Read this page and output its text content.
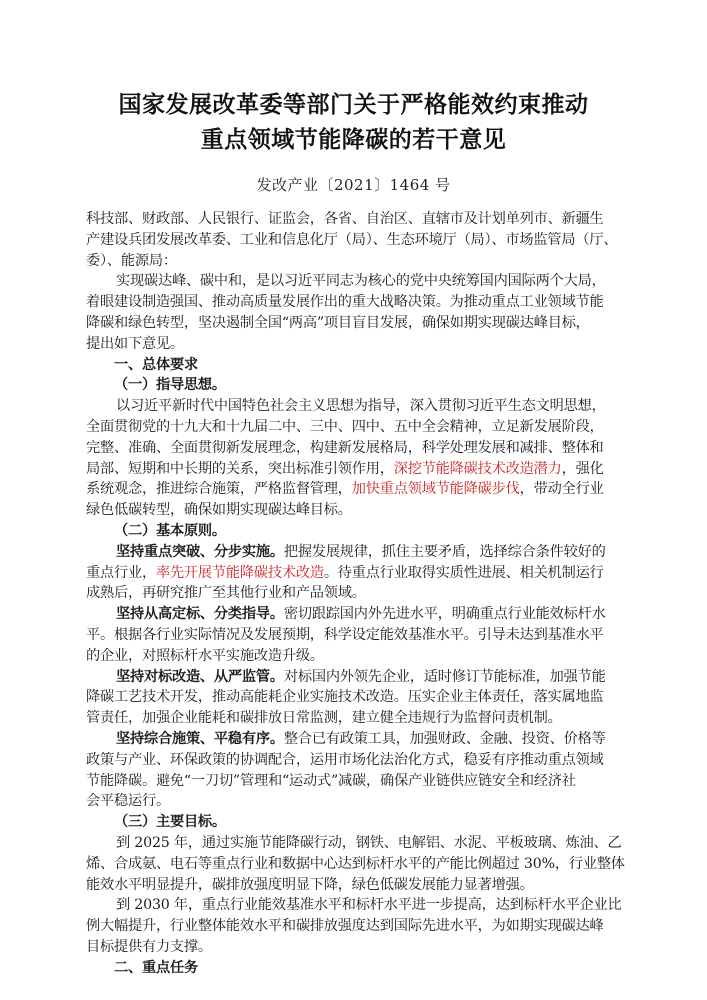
国家发展改革委等部门关于严格能效约束推动
重点领域节能降碳的若干意见
发改产业〔2021〕1464 号
科技部、财政部、人民银行、证监会，各省、自治区、直辖市及计划单列市、新疆生
产建设兵团发展改革委、工业和信息化厅（局）、生态环境厅（局）、市场监管局（厅、
委）、能源局：
实现碳达峰、碳中和，是以习近平同志为核心的党中央统筹国内国际两个大局，
着眼建设制造强国、推动高质量发展作出的重大战略决策。为推动重点工业领域节能
降碳和绿色转型，坚决遏制全国“两高”项目盲目发展，确保如期实现碳达峰目标，
提出如下意见。
一、总体要求
（一）指导思想。
以习近平新时代中国特色社会主义思想为指导，深入贯彻习近平生态文明思想，
全面贯彻党的十九大和十九届二中、三中、四中、五中全会精神，立足新发展阶段，
完整、准确、全面贯彻新发展理念，构建新发展格局，科学处理发展和减排、整体和
局部、短期和中长期的关系，突出标准引领作用，深挖节能降碳技术改造潜力，强化
系统观念，推进综合施策，严格监督管理，加快重点领域节能降碳步伐，带动全行业
绿色低碳转型，确保如期实现碳达峰目标。
（二）基本原则。
坚持重点突破、分步实施。把握发展规律，抓住主要矛盾，选择综合条件较好的
重点行业，率先开展节能降碳技术改造。待重点行业取得实质性进展、相关机制运行
成熟后，再研究推广至其他行业和产品领域。
坚持从高定标、分类指导。密切跟踪国内外先进水平，明确重点行业能效标杆水
平。根据各行业实际情况及发展预期，科学设定能效基准水平。引导未达到基准水平
的企业，对照标杆水平实施改造升级。
坚持对标改造、从严监管。对标国内外领先企业，适时修订节能标准，加强节能
降碳工艺技术开发，推动高能耗企业实施技术改造。压实企业主体责任，落实属地监
管责任，加强企业能耗和碳排放日常监测，建立健全违规行为监督问责机制。
坚持综合施策、平稳有序。整合已有政策工具，加强财政、金融、投资、价格等
政策与产业、环保政策的协调配合，运用市场化法治化方式，稳妥有序推动重点领域
节能降碳。避免“一刀切”管理和“运动式”减碳，确保产业链供应链安全和经济社
会平稳运行。
（三）主要目标。
到 2025 年，通过实施节能降碳行动，钢铁、电解铝、水泥、平板玻璃、炼油、乙
烯、合成氨、电石等重点行业和数据中心达到标杆水平的产能比例超过 30%，行业整体
能效水平明显提升，碳排放强度明显下降，绿色低碳发展能力显著增强。
到 2030 年，重点行业能效基准水平和标杆水平进一步提高，达到标杆水平企业比
例大幅提升，行业整体能效水平和碳排放强度达到国际先进水平，为如期实现碳达峰
目标提供有力支撑。
二、重点任务
